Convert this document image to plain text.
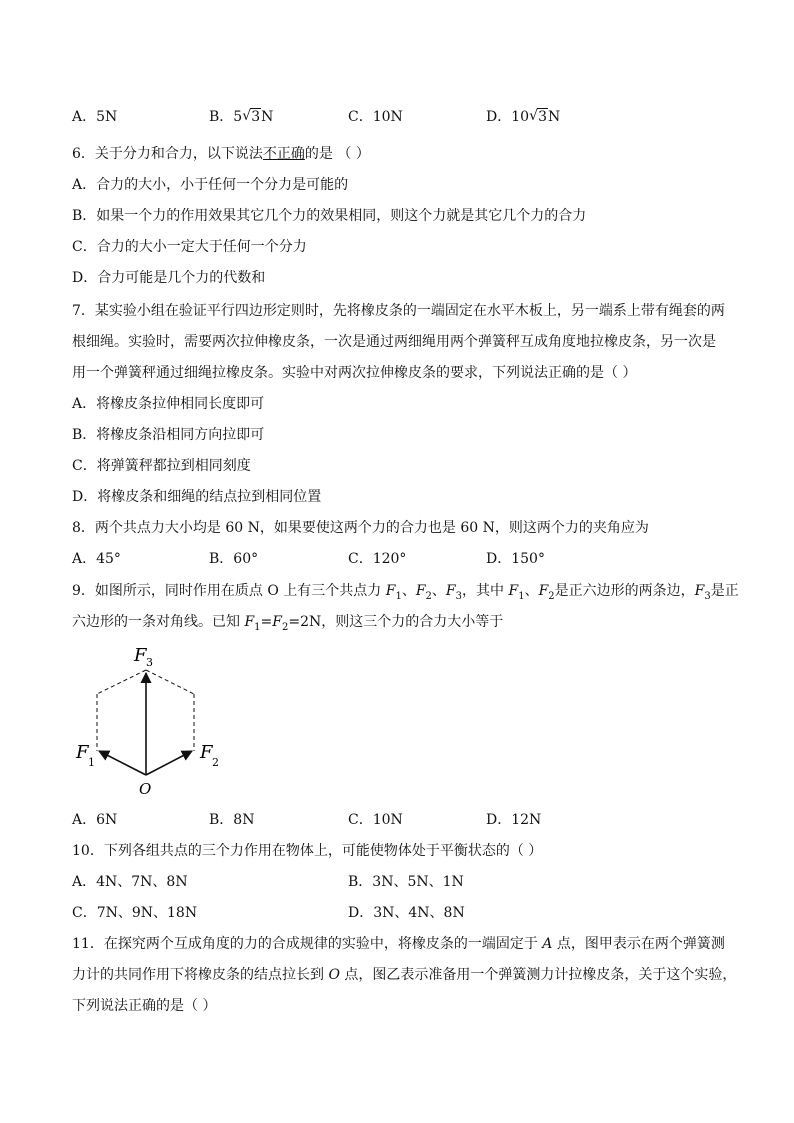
A．5N	B．5 √ 3N	C．10N	D．10 √ 3N
6．关于分力和合力，以下说法不正确的是 （ ）
A．合力的大小，小于任何一个分力是可能的
B．如果一个力的作用效果其它几个力的效果相同，则这个力就是其它几个力的合力
C．合力的大小一定大于任何一个分力
D．合力可能是几个力的代数和
7．某实验小组在验证平行四边形定则时，先将橡皮条的一端固定在水平木板上，另一端系上带有绳套的两
根细绳。实验时，需要两次拉伸橡皮条，一次是通过两细绳用两个弹簧秤互成角度地拉橡皮条，另一次是
用一个弹簧秤通过细绳拉橡皮条。实验中对两次拉伸橡皮条的要求，下列说法正确的是（ ）
A．将橡皮条拉伸相同长度即可
B．将橡皮条沿相同方向拉即可
C．将弹簧秤都拉到相同刻度
D．将橡皮条和细绳的结点拉到相同位置
8．两个共点力大小均是 60 N，如果要使这两个力的合力也是 60 N，则这两个力的夹角应为
A．45°	B．60°	C．120°	D．150°
9．如图所示，同时作用在质点 O 上有三个共点力 $F_1$、$F_2$、$F_3$，其中 $F_1$、$F_2$是正六边形的两条边，$F_3$是正
六边形的一条对角线。已知 $F_1=F_2=2N$，则这三个力的合力大小等于
F 3
F 1	F 2
O
A．6N	B．8N	C．10N	D．12N
10．下列各组共点的三个力作用在物体上，可能使物体处于平衡状态的（ ）
A．4N、7N、8N	B．3N、5N、1N
C．7N、9N、18N	D．3N、4N、8N
11．在探究两个互成角度的力的合成规律的实验中，将橡皮条的一端固定于 A 点，图甲表示在两个弹簧测
力计的共同作用下将橡皮条的结点拉长到 O 点，图乙表示准备用一个弹簧测力计拉橡皮条，关于这个实验，
下列说法正确的是（ ）
